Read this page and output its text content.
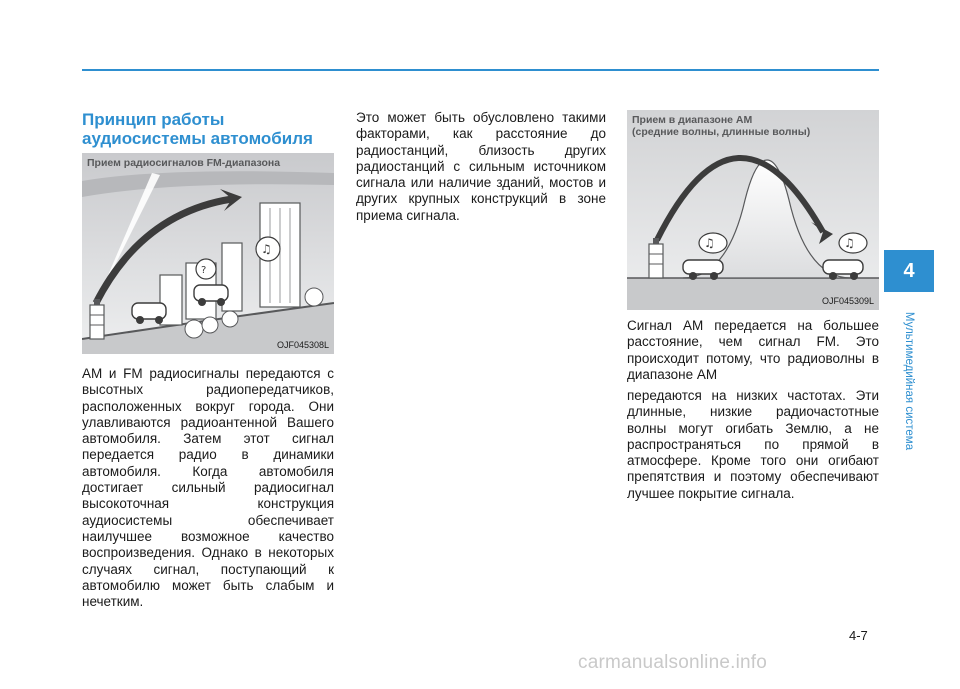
Принцип работы
аудиосистемы автомобиля
?
♫
Прием радиосигналов FM-диапазона
OJF045308L
AM и FM радиосигналы передаются с высотных радиопередатчиков, расположенных вокруг города. Они улавливаются радиоантенной Вашего автомобиля. Затем этот сигнал передается радио в динамики автомобиля. Когда автомобиля достигает сильный радиосигнал высокоточная конструкция аудиосистемы обеспечивает наилучшее возможное качество воспроизведения. Однако в некоторых случаях сигнал, поступающий к автомобилю может быть слабым и нечетким.
Это может быть обусловлено такими факторами, как расстояние до радиостанций, близость других радиостанций с сильным источником сигнала или наличие зданий, мостов и других крупных конструкций в зоне приема сигнала.
♫	♫
Прием в диапазоне AM
(средние волны, длинные волны)
OJF045309L
Сигнал AM передается на большее расстояние, чем сигнал FM. Это происходит потому, что радиоволны в диапазоне AM
передаются на низких частотах. Эти длинные, низкие радиочастотные волны могут огибать Землю, а не распространяться по прямой в атмосфере. Кроме того они огибают препятствия и поэтому обеспечивают лучшее покрытие сигнала.
4
Мультимедийная система
4-7
carmanualsonline.info
